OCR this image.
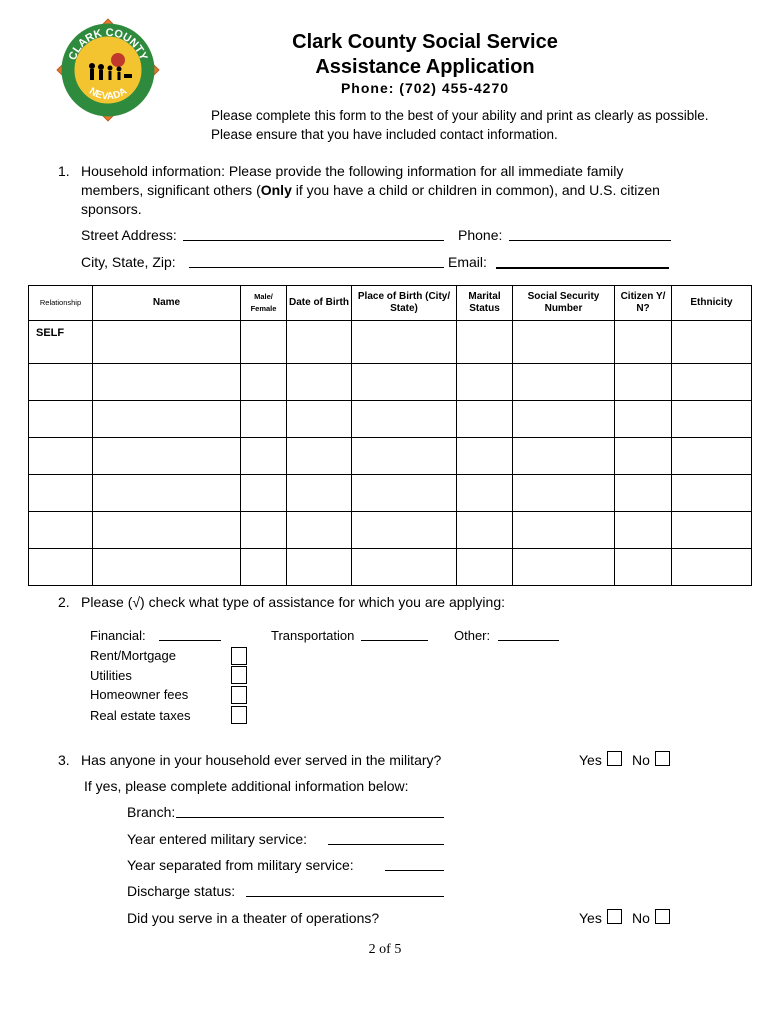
CLARK COUNTY
NEVADA
Clark County Social Service
Assistance Application
Phone: (702) 455-4270
Please complete this form to the best of your ability and print as clearly as possible. Please ensure that you have included contact information.
1. Household information: Please provide the following information for all immediate family
members, significant others (Only if you have a child or children in common), and U.S. citizen
sponsors.
Street Address:	Phone:
City, State, Zip:	Email:
Relationship	Name	Male/ Female	Date of Birth	Place of Birth (City/ State)	Marital Status	Social Security Number	Citizen Y/ N?	Ethnicity
SELF								

2. Please (√) check what type of assistance for which you are applying:
Financial:	Transportation	Other:
Rent/Mortgage
Utilities
Homeowner fees
Real estate taxes
3. Has anyone in your household ever served in the military?	Yes No
If yes, please complete additional information below:
Branch:
Year entered military service:
Year separated from military service:
Discharge status:
Did you serve in a theater of operations?	Yes No
2 of 5
